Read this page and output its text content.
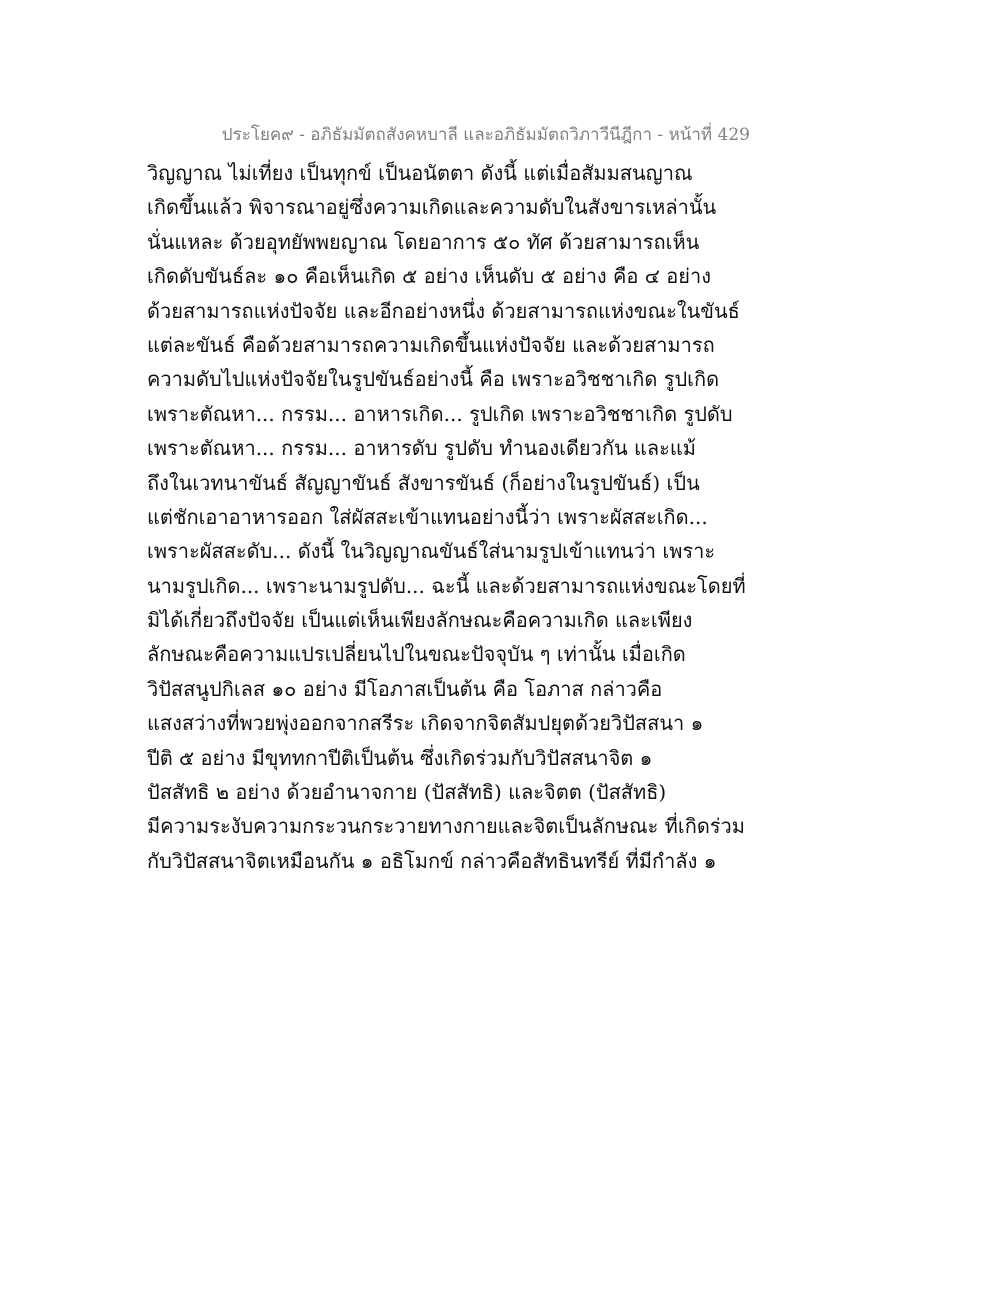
ประโยค๙ - อภิธัมมัตถสังคหบาลี และอภิธัมมัตถวิภาวีนีฎีกา - หน้าที่ 429
วิญญาณ ไม่เที่ยง เป็นทุกข์ เป็นอนัตตา ดังนี้ แต่เมื่อสัมมสนญาณ
เกิดขึ้นแล้ว พิจารณาอยู่ซึ่งความเกิดและความดับในสังขารเหล่านั้น
นั่นแหละ ด้วยอุทยัพพยญาณ โดยอาการ ๕๐ ทัศ ด้วยสามารถเห็น
เกิดดับขันธ์ละ ๑๐ คือเห็นเกิด ๕ อย่าง เห็นดับ ๕ อย่าง คือ ๔ อย่าง
ด้วยสามารถแห่งปัจจัย และอีกอย่างหนึ่ง ด้วยสามารถแห่งขณะในขันธ์
แต่ละขันธ์ คือด้วยสามารถความเกิดขึ้นแห่งปัจจัย และด้วยสามารถ
ความดับไปแห่งปัจจัยในรูปขันธ์อย่างนี้ คือ เพราะอวิชชาเกิด รูปเกิด
เพราะตัณหา... กรรม... อาหารเกิด... รูปเกิด เพราะอวิชชาเกิด รูปดับ
เพราะตัณหา... กรรม... อาหารดับ รูปดับ ทำนองเดียวกัน และแม้
ถึงในเวทนาขันธ์ สัญญาขันธ์ สังขารขันธ์ (ก็อย่างในรูปขันธ์) เป็น
แต่ชักเอาอาหารออก ใส่ผัสสะเข้าแทนอย่างนี้ว่า เพราะผัสสะเกิด...
เพราะผัสสะดับ... ดังนี้ ในวิญญาณขันธ์ใส่นามรูปเข้าแทนว่า เพราะ
นามรูปเกิด... เพราะนามรูปดับ... ฉะนี้ และด้วยสามารถแห่งขณะโดยที่
มิได้เกี่ยวถึงปัจจัย เป็นแต่เห็นเพียงลักษณะคือความเกิด และเพียง
ลักษณะคือความแปรเปลี่ยนไปในขณะปัจจุบัน ๆ เท่านั้น เมื่อเกิด
วิปัสสนูปกิเลส ๑๐ อย่าง มีโอภาสเป็นต้น คือ โอภาส กล่าวคือ
แสงสว่างที่พวยพุ่งออกจากสรีระ เกิดจากจิตสัมปยุตด้วยวิปัสสนา ๑
ปีติ ๕ อย่าง มีขุททกาปีติเป็นต้น ซึ่งเกิดร่วมกับวิปัสสนาจิต ๑
ปัสสัทธิ ๒ อย่าง ด้วยอำนาจกาย (ปัสสัทธิ) และจิตต (ปัสสัทธิ)
มีความระงับความกระวนกระวายทางกายและจิตเป็นลักษณะ ที่เกิดร่วม
กับวิปัสสนาจิตเหมือนกัน ๑ อธิโมกข์ กล่าวคือสัทธินทรีย์ ที่มีกำลัง ๑
